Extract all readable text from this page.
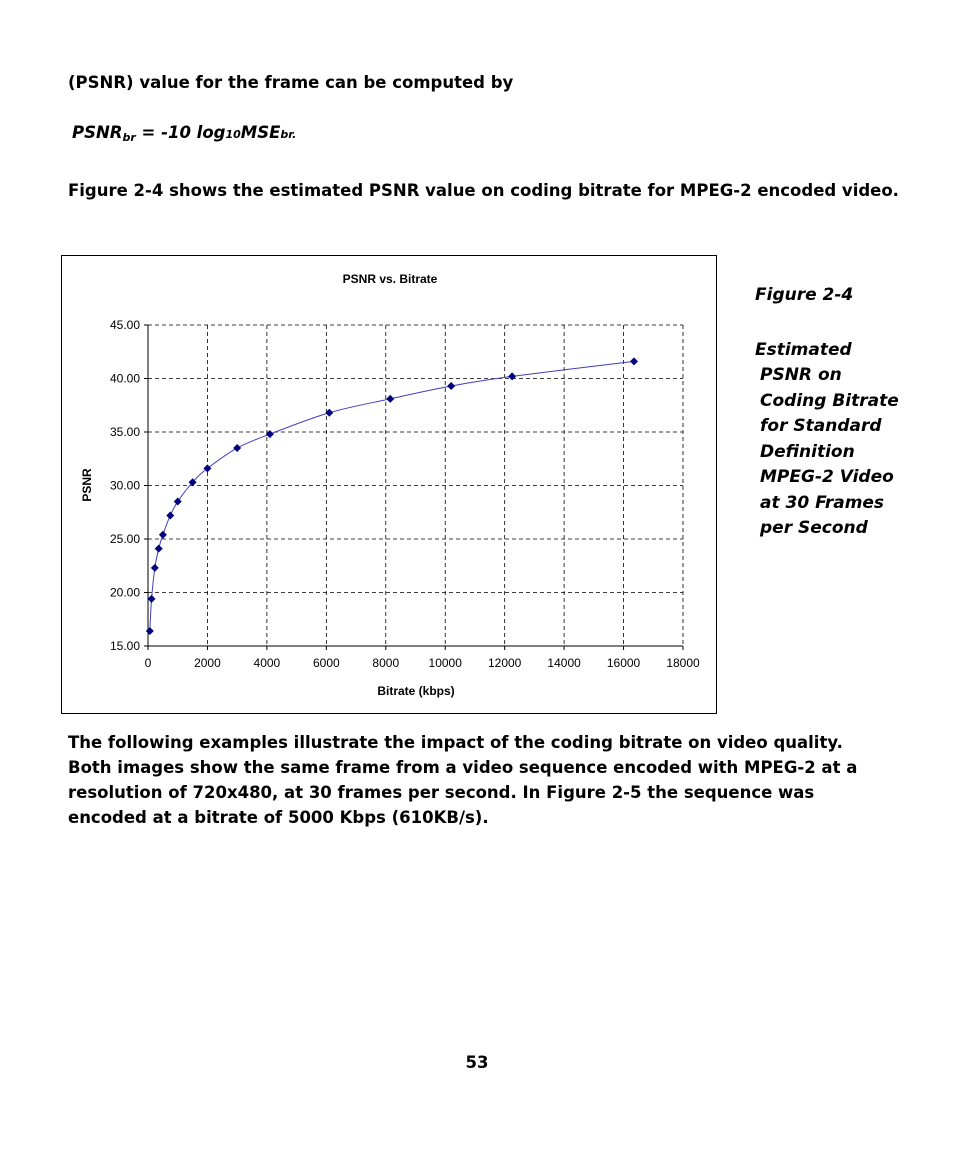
(PSNR) value for the frame can be computed by

$PSNR_{br} = -10$ log10MSEbr.

Figure 2-4 shows the estimated PSNR value on coding bitrate for MPEG-2 encoded video.

PSNR vs. Bitrate
0	2000	4000	6000	8000 10000 12000 14000 16000 18000
15.00
20.00
25.00
30.00
35.00
40.00
45.00
Bitrate (kbps)
PSNR

Figure 2-4

Estimated PSNR on Coding Bitrate for Standard Definition MPEG-2 Video at 30 Frames per Second

The following examples illustrate the impact of the coding bitrate on video quality. Both images show the same frame from a video sequence encoded with MPEG-2 at a resolution of 720x480, at 30 frames per second. In Figure 2-5 the sequence was encoded at a bitrate of 5000 Kbps (610KB/s).

53
